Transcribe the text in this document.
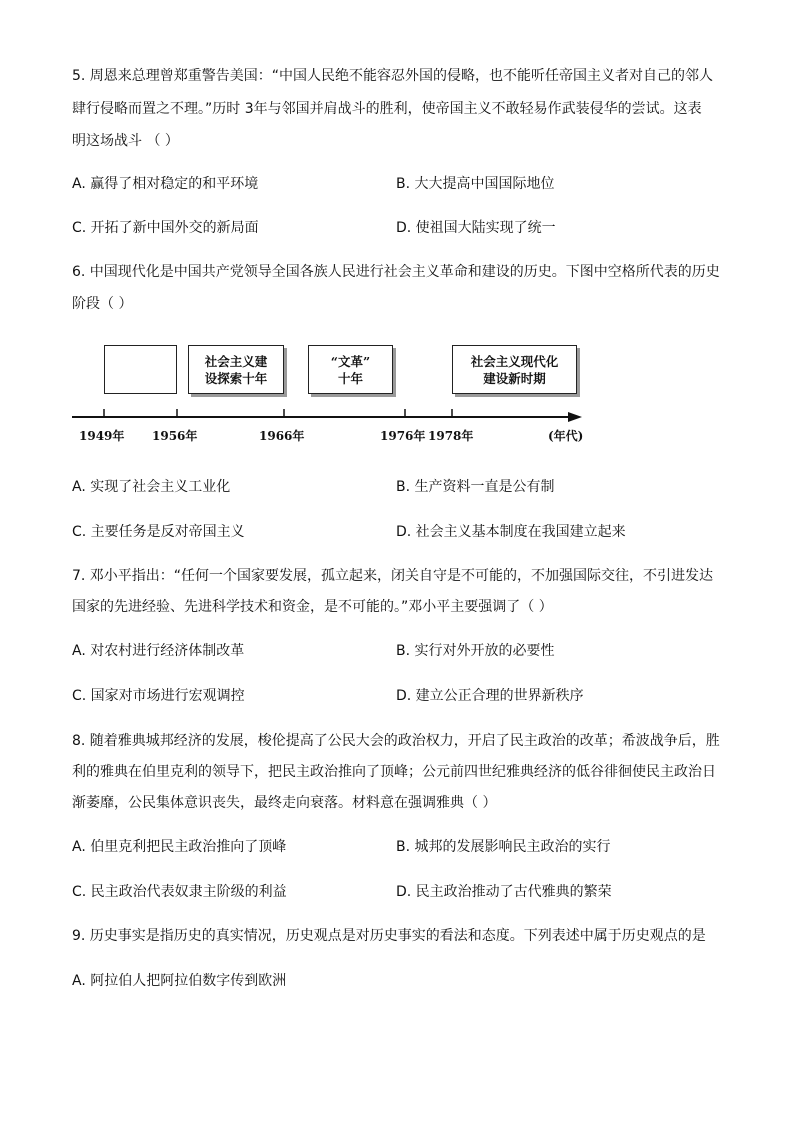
5. 周恩来总理曾郑重警告美国：“中国人民绝不能容忍外国的侵略，也不能听任帝国主义者对自己的邻人
肆行侵略而置之不理。”历时 3年与邻国并肩战斗的胜利，使帝国主义不敢轻易作武装侵华的尝试。这表
明这场战斗 （ ）
A. 赢得了相对稳定的和平环境	B. 大大提高中国国际地位
C. 开拓了新中国外交的新局面	D. 使祖国大陆实现了统一
6. 中国现代化是中国共产党领导全国各族人民进行社会主义革命和建设的历史。下图中空格所代表的历史
阶段（ ）
社会主义建
设探索十年
“文革”
十年
社会主义现代化
建设新时期
1949年 1956年	1966年	1976年 1978年	(年代)
A. 实现了社会主义工业化	B. 生产资料一直是公有制
C. 主要任务是反对帝国主义	D. 社会主义基本制度在我国建立起来
7. 邓小平指出：“任何一个国家要发展，孤立起来，闭关自守是不可能的，不加强国际交往，不引进发达
国家的先进经验、先进科学技术和资金，是不可能的。”邓小平主要强调了（ ）
A. 对农村进行经济体制改革	B. 实行对外开放的必要性
C. 国家对市场进行宏观调控	D. 建立公正合理的世界新秩序
8. 随着雅典城邦经济的发展，梭伦提高了公民大会的政治权力，开启了民主政治的改革；希波战争后，胜
利的雅典在伯里克利的领导下，把民主政治推向了顶峰；公元前四世纪雅典经济的低谷徘徊使民主政治日
渐萎靡，公民集体意识丧失，最终走向衰落。材料意在强调雅典（ ）
A. 伯里克利把民主政治推向了顶峰	B. 城邦的发展影响民主政治的实行
C. 民主政治代表奴隶主阶级的利益	D. 民主政治推动了古代雅典的繁荣
9. 历史事实是指历史的真实情况，历史观点是对历史事实的看法和态度。下列表述中属于历史观点的是
A. 阿拉伯人把阿拉伯数字传到欧洲
